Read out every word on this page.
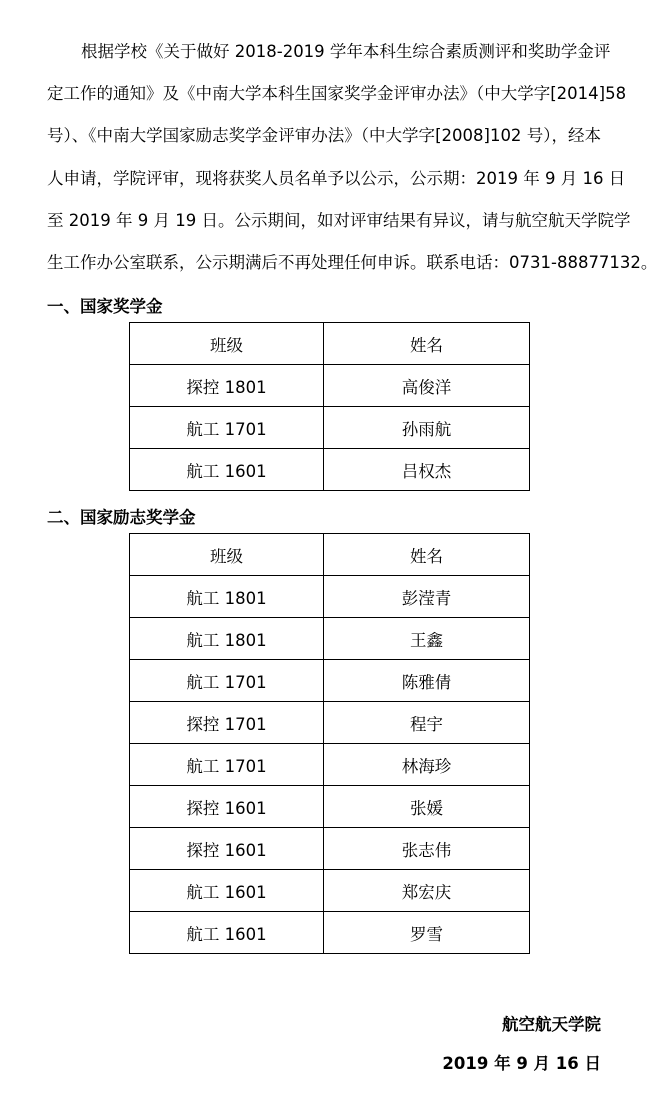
根据学校《关于做好 2018-2019 学年本科生综合素质测评和奖助学金评
定工作的通知》及《中南大学本科生国家奖学金评审办法》（中大学字[2014]58
号）、《中南大学国家励志奖学金评审办法》（中大学字[2008]102 号），经本
人申请，学院评审，现将获奖人员名单予以公示，公示期：2019 年 9 月 16 日
至 2019 年 9 月 19 日。公示期间，如对评审结果有异议，请与航空航天学院学
生工作办公室联系，公示期满后不再处理任何申诉。联系电话：0731-88877132。
一、国家奖学金
班级	姓名
探控 1801	高俊洋
航工 1701	孙雨航
航工 1601	吕权杰
二、国家励志奖学金
班级	姓名
航工 1801	彭滢青
航工 1801	王鑫
航工 1701	陈雅倩
探控 1701	程宇
航工 1701	林海珍
探控 1601	张媛
探控 1601	张志伟
航工 1601	郑宏庆
航工 1601	罗雪
航空航天学院
2019 年 9 月 16 日
